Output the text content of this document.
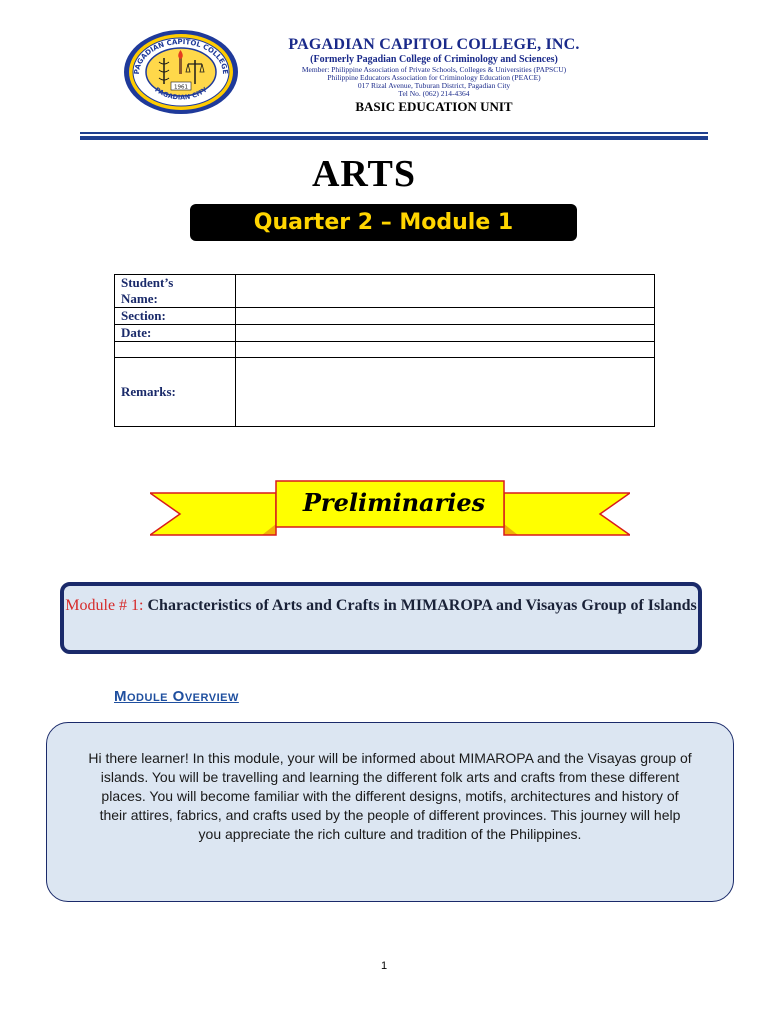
PAGADIAN CAPITOL COLLEGE
PAGADIAN CITY
1961
PAGADIAN CAPITOL COLLEGE, INC.
(Formerly Pagadian College of Criminology and Sciences)
Member: Philippine Association of Private Schools, Colleges & Universities (PAPSCU)
Philippine Educators Association for Criminology Education (PEACE)
017 Rizal Avenue, Tuburan District, Pagadian City
Tel No. (062) 214-4364
BASIC EDUCATION UNIT
ARTS
Quarter 2 – Module 1
Student’s
Name:	
Section:	
Date:	

Remarks:	
Preliminaries
Module # 1: Characteristics of Arts and Crafts in MIMAROPA and Visayas Group of Islands
Module Overview
Hi there learner! In this module, your will be informed about MIMAROPA and the Visayas group of islands. You will be travelling and learning the different folk arts and crafts from these different places. You will become familiar with the different designs, motifs, architectures and history of their attires, fabrics, and crafts used by the people of different provinces. This journey will help you appreciate the rich culture and tradition of the Philippines.
1
